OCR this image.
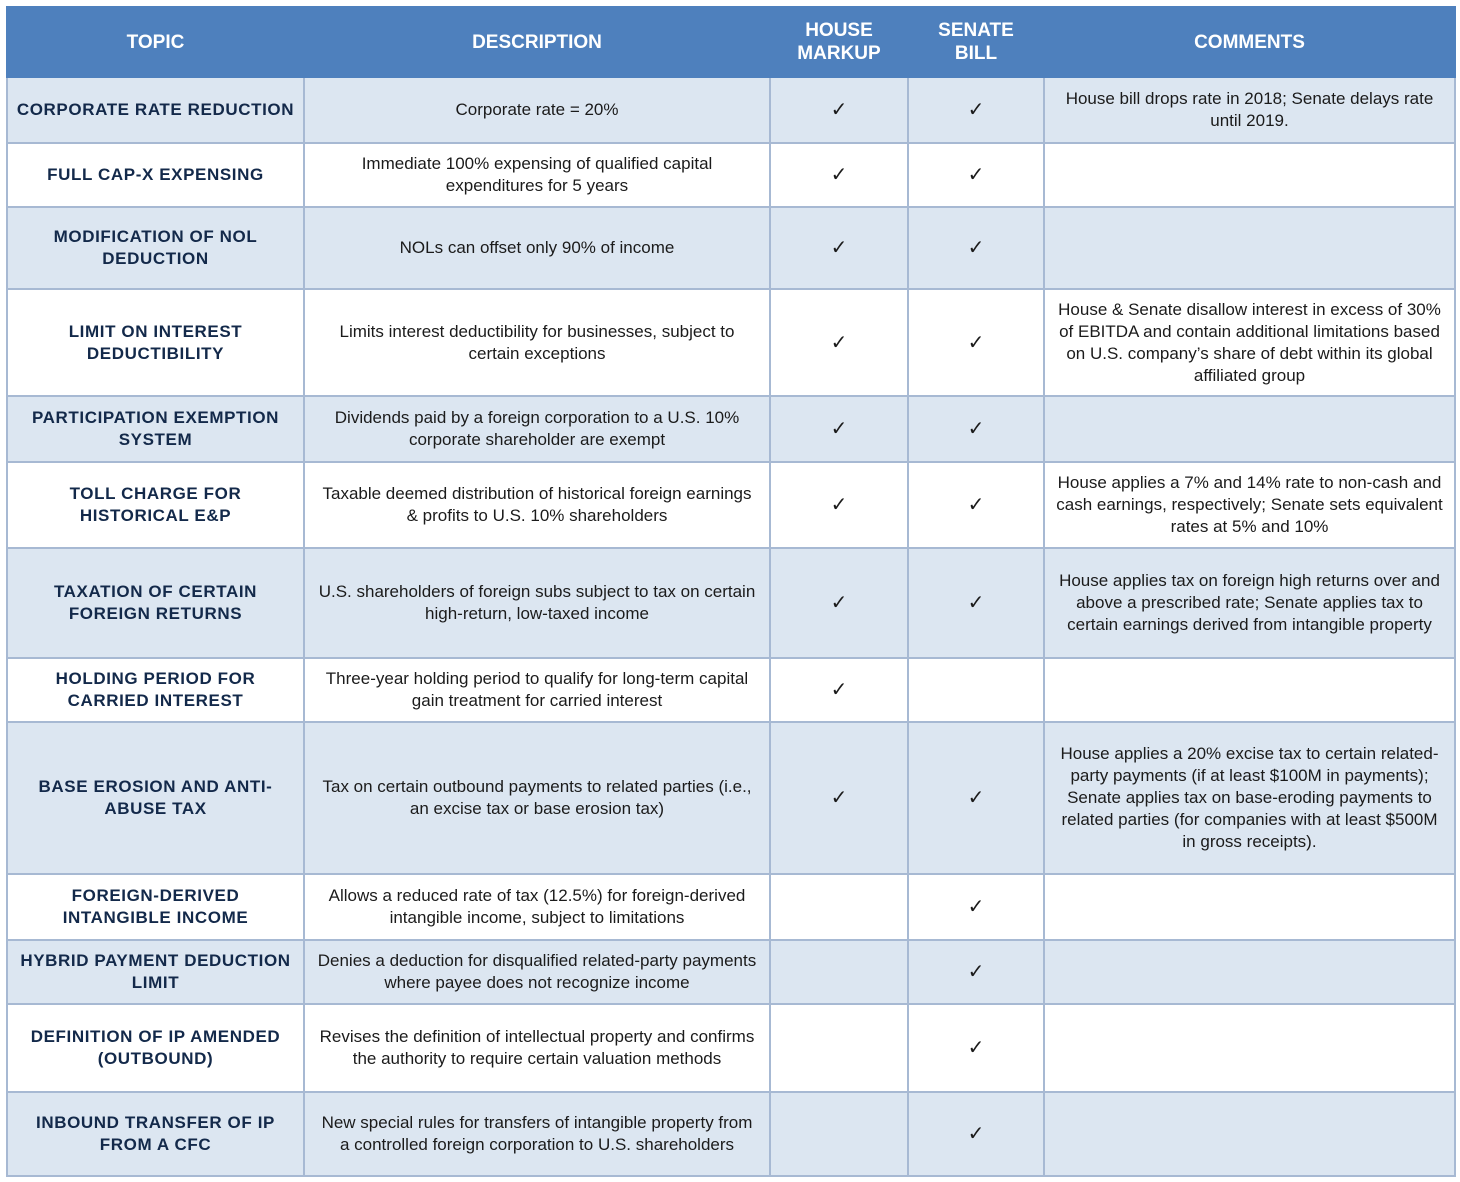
TOPIC	DESCRIPTION	HOUSE MARKUP	SENATE BILL	COMMENTS
CORPORATE RATE REDUCTION	Corporate rate = 20%	✓	✓	House bill drops rate in 2018; Senate delays rate until 2019.
FULL CAP-X EXPENSING	Immediate 100% expensing of qualified capital expenditures for 5 years	✓	✓	
MODIFICATION OF NOL DEDUCTION	NOLs can offset only 90% of income	✓	✓	
LIMIT ON INTEREST DEDUCTIBILITY	Limits interest deductibility for businesses, subject to certain exceptions	✓	✓	House & Senate disallow interest in excess of 30% of EBITDA and contain additional limitations based on U.S. company’s share of debt within its global affiliated group
PARTICIPATION EXEMPTION SYSTEM	Dividends paid by a foreign corporation to a U.S. 10% corporate shareholder are exempt	✓	✓	
TOLL CHARGE FOR HISTORICAL E&P	Taxable deemed distribution of historical foreign earnings & profits to U.S. 10% shareholders	✓	✓	House applies a 7% and 14% rate to non-cash and cash earnings, respectively; Senate sets equivalent rates at 5% and 10%
TAXATION OF CERTAIN FOREIGN RETURNS	U.S. shareholders of foreign subs subject to tax on certain high-return, low-taxed income	✓	✓	House applies tax on foreign high returns over and above a prescribed rate; Senate applies tax to certain earnings derived from intangible property
HOLDING PERIOD FOR CARRIED INTEREST	Three-year holding period to qualify for long-term capital gain treatment for carried interest	✓		
BASE EROSION AND ANTI-ABUSE TAX	Tax on certain outbound payments to related parties (i.e., an excise tax or base erosion tax)	✓	✓	House applies a 20% excise tax to certain related-party payments (if at least $100M in payments); Senate applies tax on base-eroding payments to related parties (for companies with at least $500M in gross receipts).
FOREIGN-DERIVED INTANGIBLE INCOME	Allows a reduced rate of tax (12.5%) for foreign-derived intangible income, subject to limitations		✓	
HYBRID PAYMENT DEDUCTION LIMIT	Denies a deduction for disqualified related-party payments where payee does not recognize income		✓	
DEFINITION OF IP AMENDED (OUTBOUND)	Revises the definition of intellectual property and confirms the authority to require certain valuation methods		✓	
INBOUND TRANSFER OF IP FROM A CFC	New special rules for transfers of intangible property from a controlled foreign corporation to U.S. shareholders		✓	
